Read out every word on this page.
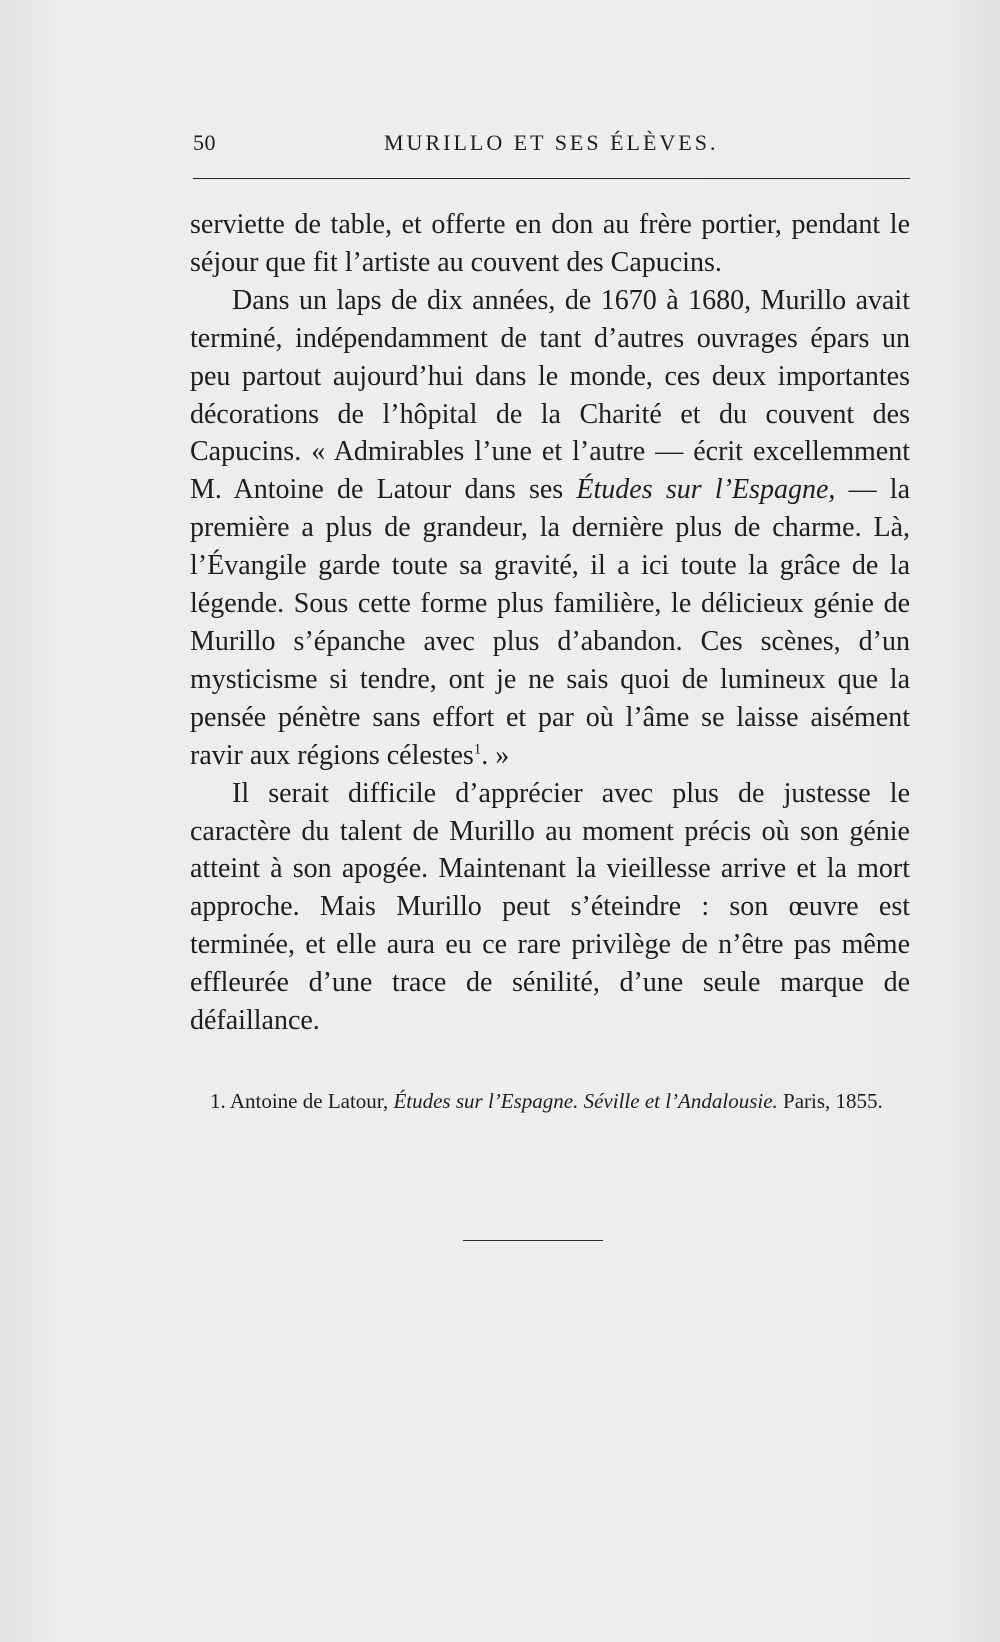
50	MURILLO ET SES ÉLÈVES.

serviette de table, et offerte en don au frère portier, pendant le séjour que fit l’artiste au couvent des Capucins.

Dans un laps de dix années, de 1670 à 1680, Murillo avait terminé, indépendamment de tant d’autres ouvrages épars un peu partout aujourd’hui dans le monde, ces deux importantes décorations de l’hôpital de la Charité et du couvent des Capucins. « Admirables l’une et l’autre — écrit excellemment M. Antoine de Latour dans ses Études sur l’Espagne, — la première a plus de grandeur, la dernière plus de charme. Là, l’Évangile garde toute sa gravité, il a ici toute la grâce de la légende. Sous cette forme plus familière, le délicieux génie de Murillo s’épanche avec plus d’abandon. Ces scènes, d’un mysticisme si tendre, ont je ne sais quoi de lumineux que la pensée pénètre sans effort et par où l’âme se laisse aisément ravir aux régions célestes$^1$. »

Il serait difficile d’apprécier avec plus de justesse le caractère du talent de Murillo au moment précis où son génie atteint à son apogée. Maintenant la vieillesse arrive et la mort approche. Mais Murillo peut s’éteindre : son œuvre est terminée, et elle aura eu ce rare privilège de n’être pas même effleurée d’une trace de sénilité, d’une seule marque de défaillance.

1. Antoine de Latour, Études sur l’Espagne. Séville et l’Andalousie. Paris, 1855.
